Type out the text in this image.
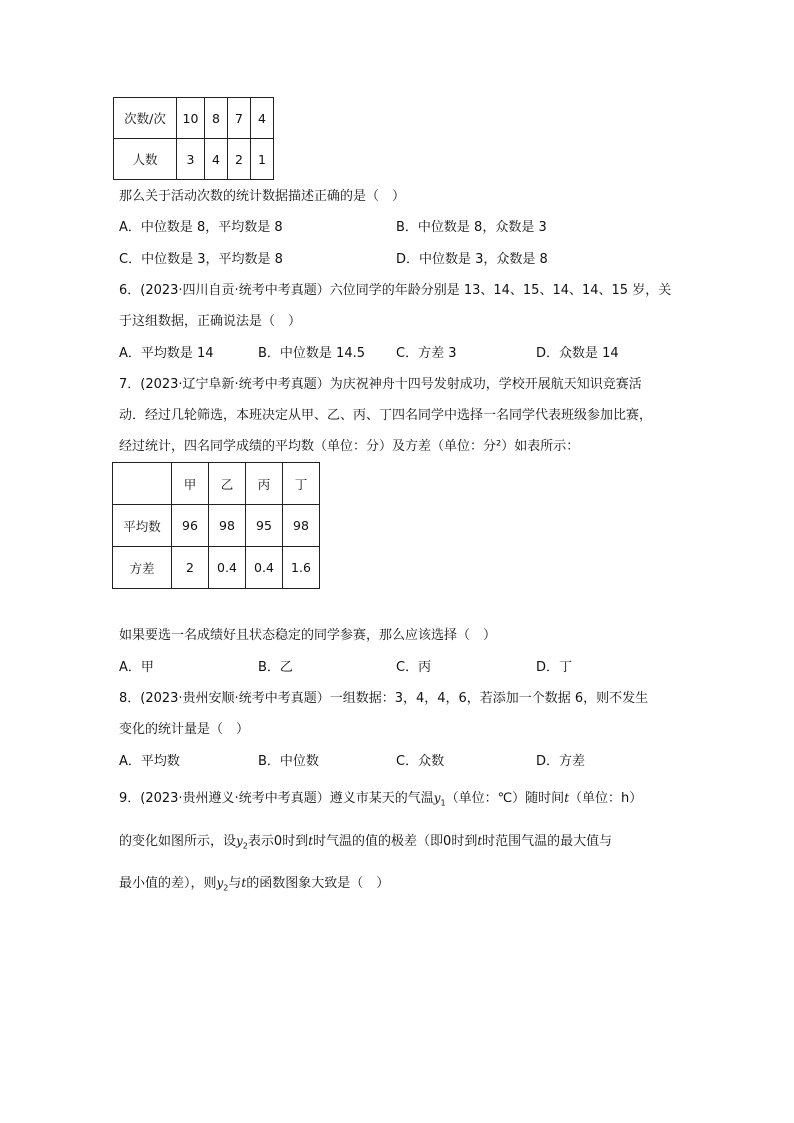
次数/次	10	8	7	4
人数	3	4	2	1
那么关于活动次数的统计数据描述正确的是（　）
A．中位数是 8，平均数是 8	B．中位数是 8，众数是 3
C．中位数是 3，平均数是 8	D．中位数是 3，众数是 8
6．(2023·四川自贡·统考中考真题）六位同学的年龄分别是 13、14、15、14、14、15 岁，关
于这组数据，正确说法是（　）
A．平均数是 14	B．中位数是 14.5 C．方差 3	D．众数是 14
7．(2023·辽宁阜新·统考中考真题）为庆祝神舟十四号发射成功，学校开展航天知识竞赛活
动．经过几轮筛选，本班决定从甲、乙、丙、丁四名同学中选择一名同学代表班级参加比赛，
经过统计，四名同学成绩的平均数（单位：分）及方差（单位：分²）如表所示：
	甲	乙	丙	丁
平均数	96	98	95	98
方差	2	0.4	0.4	1.6
如果要选一名成绩好且状态稳定的同学参赛，那么应该选择（　）
A．甲	B．乙	C．丙	D．丁
8．(2023·贵州安顺·统考中考真题）一组数据：3，4，4，6，若添加一个数据 6，则不发生
变化的统计量是（　）
A．平均数	B．中位数	C．众数	D．方差
9．(2023·贵州遵义·统考中考真题）遵义市某天的气温$y_1$（单位：℃）随时间t（单位：h）
的变化如图所示，设$y_2$表示0时到t时气温的值的极差（即0时到t时范围气温的最大值与
最小值的差），则$y_2$与t的函数图象大致是（　）
